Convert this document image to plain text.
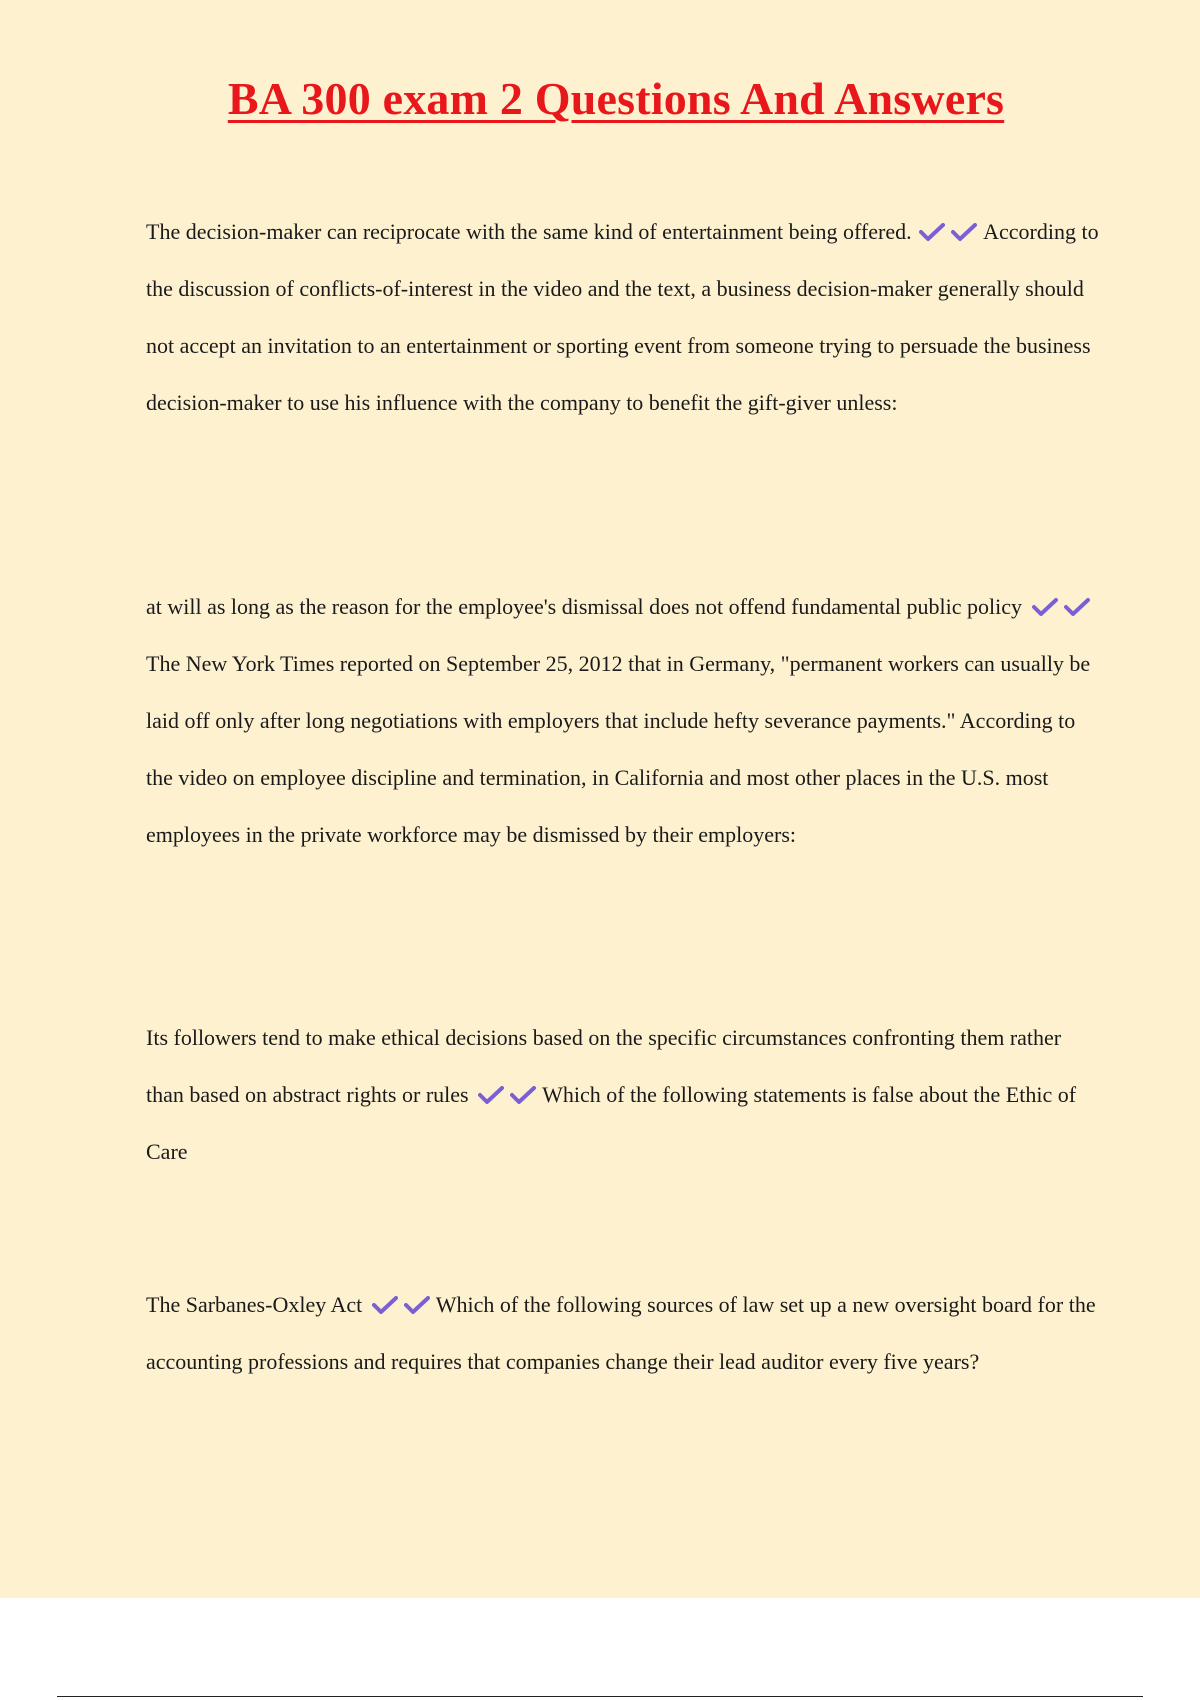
BA 300 exam 2 Questions And Answers

The decision-maker can reciprocate with the same kind of entertainment being offered.	According to the discussion of conflicts-of-interest in the video and the text, a business decision-maker generally should not accept an invitation to an entertainment or sporting event from someone trying to persuade the business decision-maker to use his influence with the company to benefit the gift-giver unless:

at will as long as the reason for the employee's dismissal does not offend fundamental public policy
The New York Times reported on September 25, 2012 that in Germany, "permanent workers can usually be laid off only after long negotiations with employers that include hefty severance payments." According to the video on employee discipline and termination, in California and most other places in the U.S. most employees in the private workforce may be dismissed by their employers:

Its followers tend to make ethical decisions based on the specific circumstances confronting them rather than based on abstract rights or rules	Which of the following statements is false about the Ethic of Care

The Sarbanes-Oxley Act	Which of the following sources of law set up a new oversight board for the accounting professions and requires that companies change their lead auditor every five years?
